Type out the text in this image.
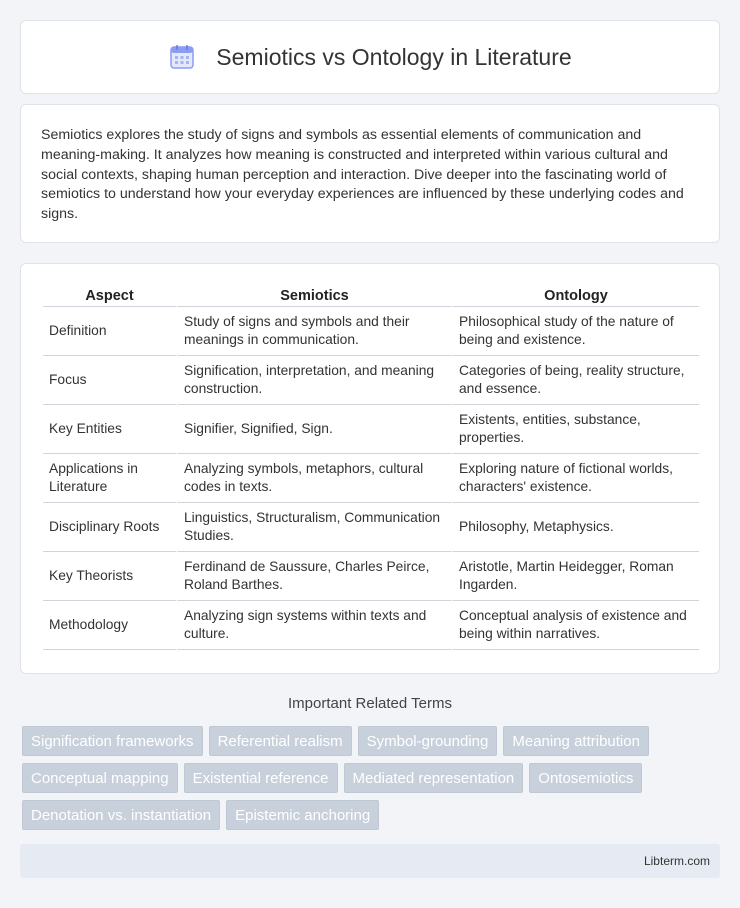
Semiotics vs Ontology in Literature

Semiotics explores the study of signs and symbols as essential elements of communication and meaning-making. It analyzes how meaning is constructed and interpreted within various cultural and social contexts, shaping human perception and interaction. Dive deeper into the fascinating world of semiotics to understand how your everyday experiences are influenced by these underlying codes and signs.

Aspect	Semiotics	Ontology
Definition	Study of signs and symbols and their meanings in communication.	Philosophical study of the nature of being and existence.
Focus	Signification, interpretation, and meaning construction.	Categories of being, reality structure, and essence.
Key Entities	Signifier, Signified, Sign.	Existents, entities, substance, properties.
Applications in Literature	Analyzing symbols, metaphors, cultural codes in texts.	Exploring nature of fictional worlds, characters' existence.
Disciplinary Roots	Linguistics, Structuralism, Communication Studies.	Philosophy, Metaphysics.
Key Theorists	Ferdinand de Saussure, Charles Peirce, Roland Barthes.	Aristotle, Martin Heidegger, Roman Ingarden.
Methodology	Analyzing sign systems within texts and culture.	Conceptual analysis of existence and being within narratives.
Important Related Terms
Signification frameworks	Referential realism	Symbol-grounding	Meaning attribution
Conceptual mapping	Existential reference	Mediated representation	Ontosemiotics
Denotation vs. instantiation	Epistemic anchoring
Libterm.com
